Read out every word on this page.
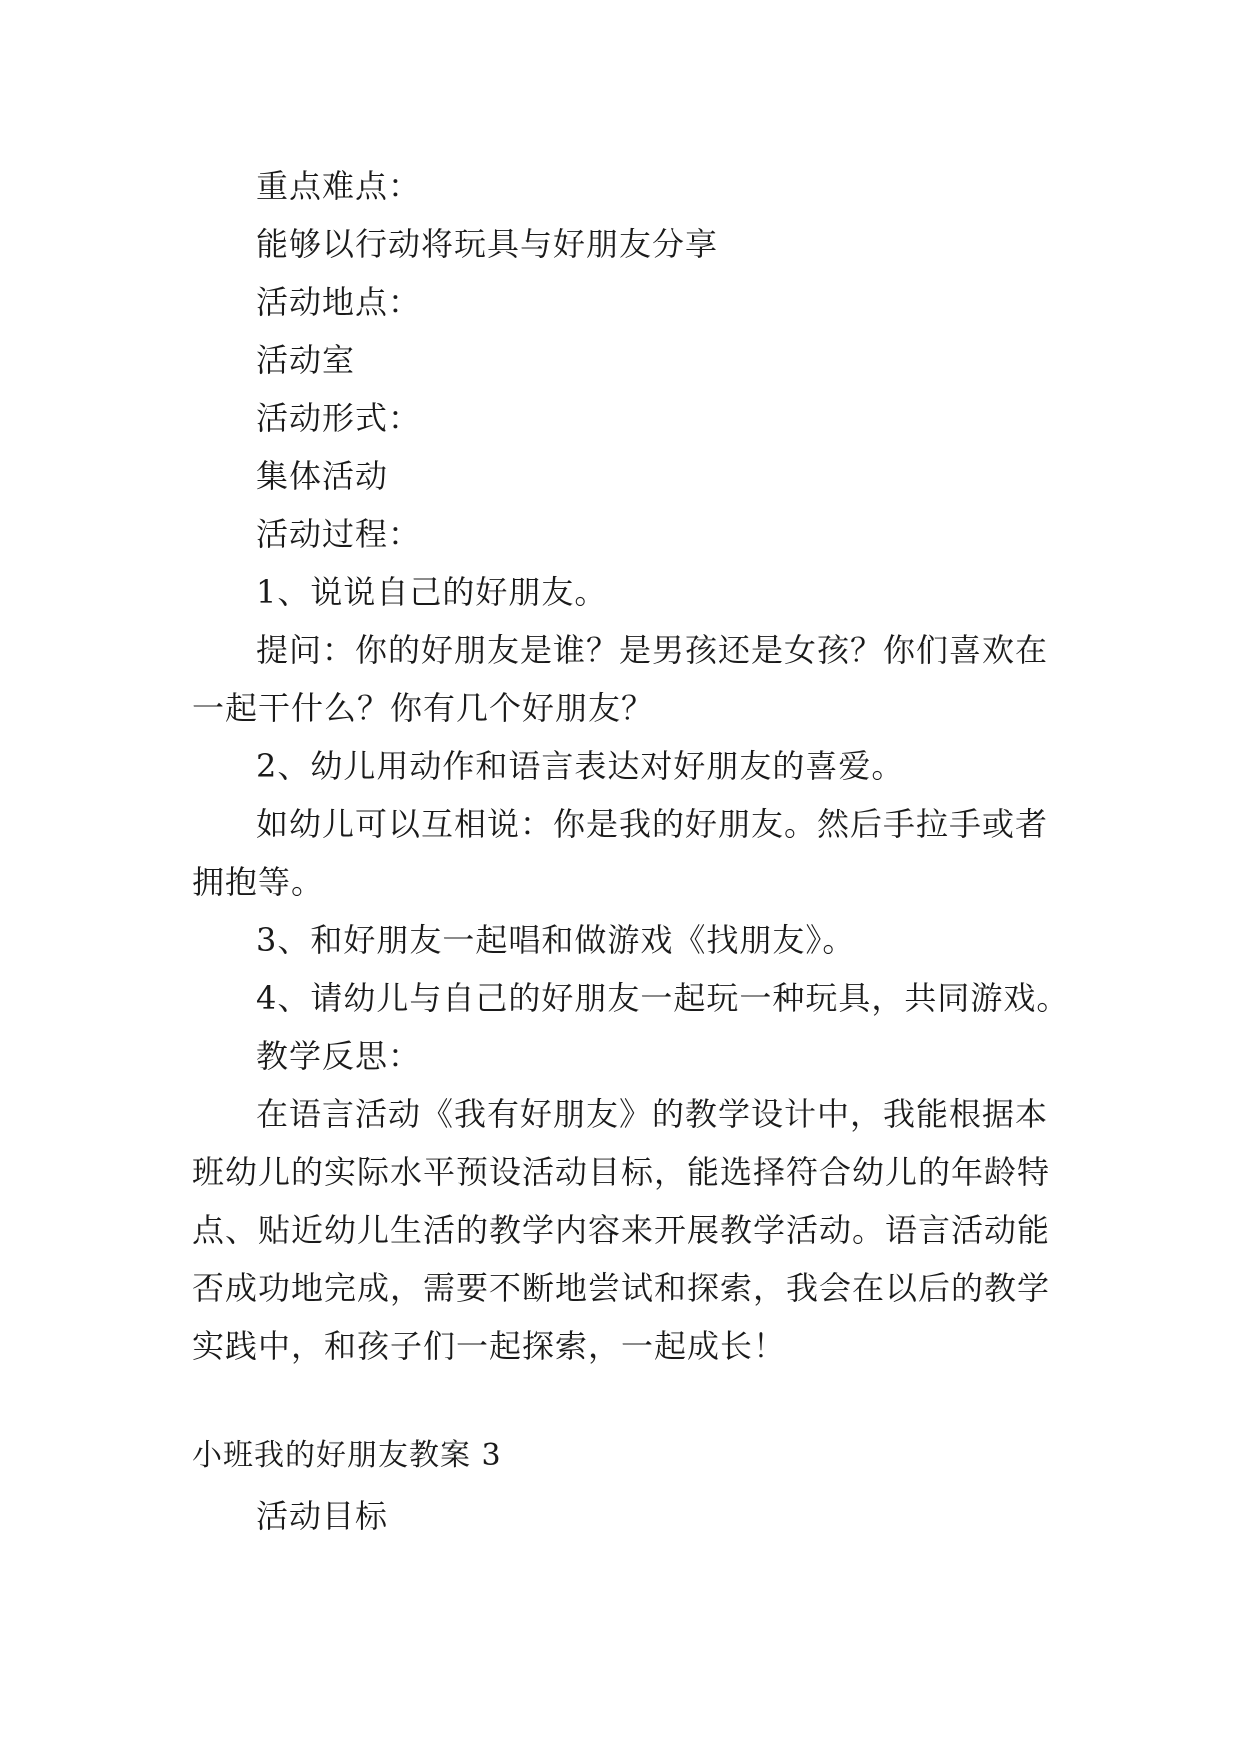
重点难点：
能够以行动将玩具与好朋友分享
活动地点：
活动室
活动形式：
集体活动
活动过程：
1、说说自己的好朋友。
提问：你的好朋友是谁？是男孩还是女孩？你们喜欢在
一起干什么？你有几个好朋友？
2、幼儿用动作和语言表达对好朋友的喜爱。
如幼儿可以互相说：你是我的好朋友。然后手拉手或者
拥抱等。
3、和好朋友一起唱和做游戏《找朋友》。
4、请幼儿与自己的好朋友一起玩一种玩具，共同游戏。
教学反思：
在语言活动《我有好朋友》的教学设计中，我能根据本
班幼儿的实际水平预设活动目标，能选择符合幼儿的年龄特
点、贴近幼儿生活的教学内容来开展教学活动。语言活动能
否成功地完成，需要不断地尝试和探索，我会在以后的教学
实践中，和孩子们一起探索，一起成长！
小班我的好朋友教案 3
活动目标
